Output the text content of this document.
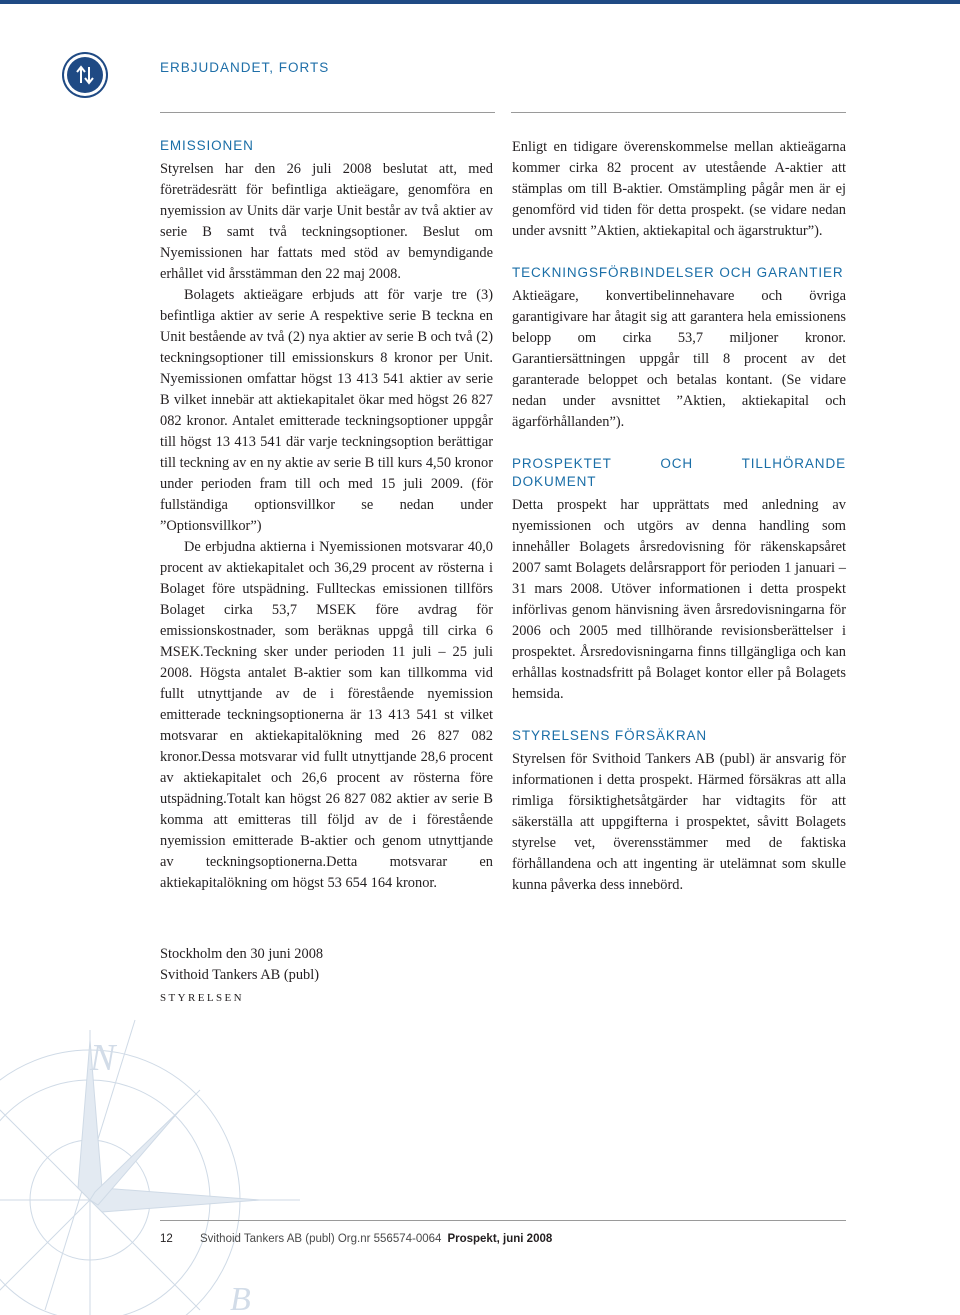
ERBJUDANDET, FORTS
EMISSIONEN

Styrelsen har den 26 juli 2008 beslutat att, med företrädesrätt för befintliga aktieägare, genomföra en nyemission av Units där varje Unit består av två aktier av serie B samt två teckningsoptioner. Beslut om Nyemissionen har fattats med stöd av bemyndigande erhållet vid årsstämman den 22 maj 2008.

Bolagets aktieägare erbjuds att för varje tre (3) befintliga aktier av serie A respektive serie B teckna en Unit bestående av två (2) nya aktier av serie B och två (2) teckningsoptioner till emissionskurs 8 kronor per Unit. Nyemissionen omfattar högst 13 413 541 aktier av serie B vilket innebär att aktiekapitalet ökar med högst 26 827 082 kronor. Antalet emitterade teckningsoptioner uppgår till högst 13 413 541 där varje teckningsoption berättigar till teckning av en ny aktie av serie B till kurs 4,50 kronor under perioden fram till och med 15 juli 2009. (för fullständiga optionsvillkor se nedan under ”Optionsvillkor”)

De erbjudna aktierna i Nyemissionen motsvarar 40,0 procent av aktiekapitalet och 36,29 procent av rösterna i Bolaget före utspädning. Fullteckas emissionen tillförs Bolaget cirka 53,7 MSEK före avdrag för emissionskostnader, som beräknas uppgå till cirka 6 MSEK.Teckning sker under perioden 11 juli – 25 juli 2008. Högsta antalet B-aktier som kan tillkomma vid fullt utnyttjande av de i förestående nyemission emitterade teckningsoptionerna är 13 413 541 st vilket motsvarar en aktiekapitalökning med 26 827 082 kronor.Dessa motsvarar vid fullt utnyttjande 28,6 procent av aktiekapitalet och 26,6 procent av rösterna före utspädning.Totalt kan högst 26 827 082 aktier av serie B komma att emitteras till följd av de i förestående nyemission emitterade B-aktier och genom utnyttjande av teckningsoptionerna.Detta motsvarar en aktiekapitalökning om högst 53 654 164 kronor.

Enligt en tidigare överenskommelse mellan aktieägarna kommer cirka 82 procent av utestående A-aktier att stämplas om till B-aktier. Omstämpling pågår men är ej genomförd vid tiden för detta prospekt. (se vidare nedan under avsnitt ”Aktien, aktiekapital och ägarstruktur”).

TECKNINGSFÖRBINDELSER OCH GARANTIER

Aktieägare, konvertibelinnehavare och övriga garantigivare har åtagit sig att garantera hela emissionens belopp om cirka 53,7 miljoner kronor. Garantiersättningen uppgår till 8 procent av det garanterade beloppet och betalas kontant. (Se vidare nedan under avsnittet ”Aktien, aktiekapital och ägarförhållanden”).

PROSPEKTET OCH TILLHÖRANDE DOKUMENT

Detta prospekt har upprättats med anledning av nyemissionen och utgörs av denna handling som innehåller Bolagets årsredovisning för räkenskapsåret 2007 samt Bolagets delårsrapport för perioden 1 januari – 31 mars 2008. Utöver informationen i detta prospekt införlivas genom hänvisning även årsredovisningarna för 2006 och 2005 med tillhörande revisionsberättelser i prospektet. Årsredovisningarna finns tillgängliga och kan erhållas kostnadsfritt på Bolaget kontor eller på Bolagets hemsida.

STYRELSENS FÖRSÄKRAN

Styrelsen för Svithoid Tankers AB (publ) är ansvarig för informationen i detta prospekt. Härmed försäkras att alla rimliga försiktighetsåtgärder har vidtagits för att säkerställa att uppgifterna i prospektet, såvitt Bolagets styrelse vet, överensstämmer med de faktiska förhållandena och att ingenting är utelämnat som skulle kunna påverka dess innebörd.

Stockholm den 30 juni 2008
Svithoid Tankers AB (publ)
STYRELSEN
N
B
12 Svithoid Tankers AB (publ) Org.nr 556574-0064 Prospekt, juni 2008
